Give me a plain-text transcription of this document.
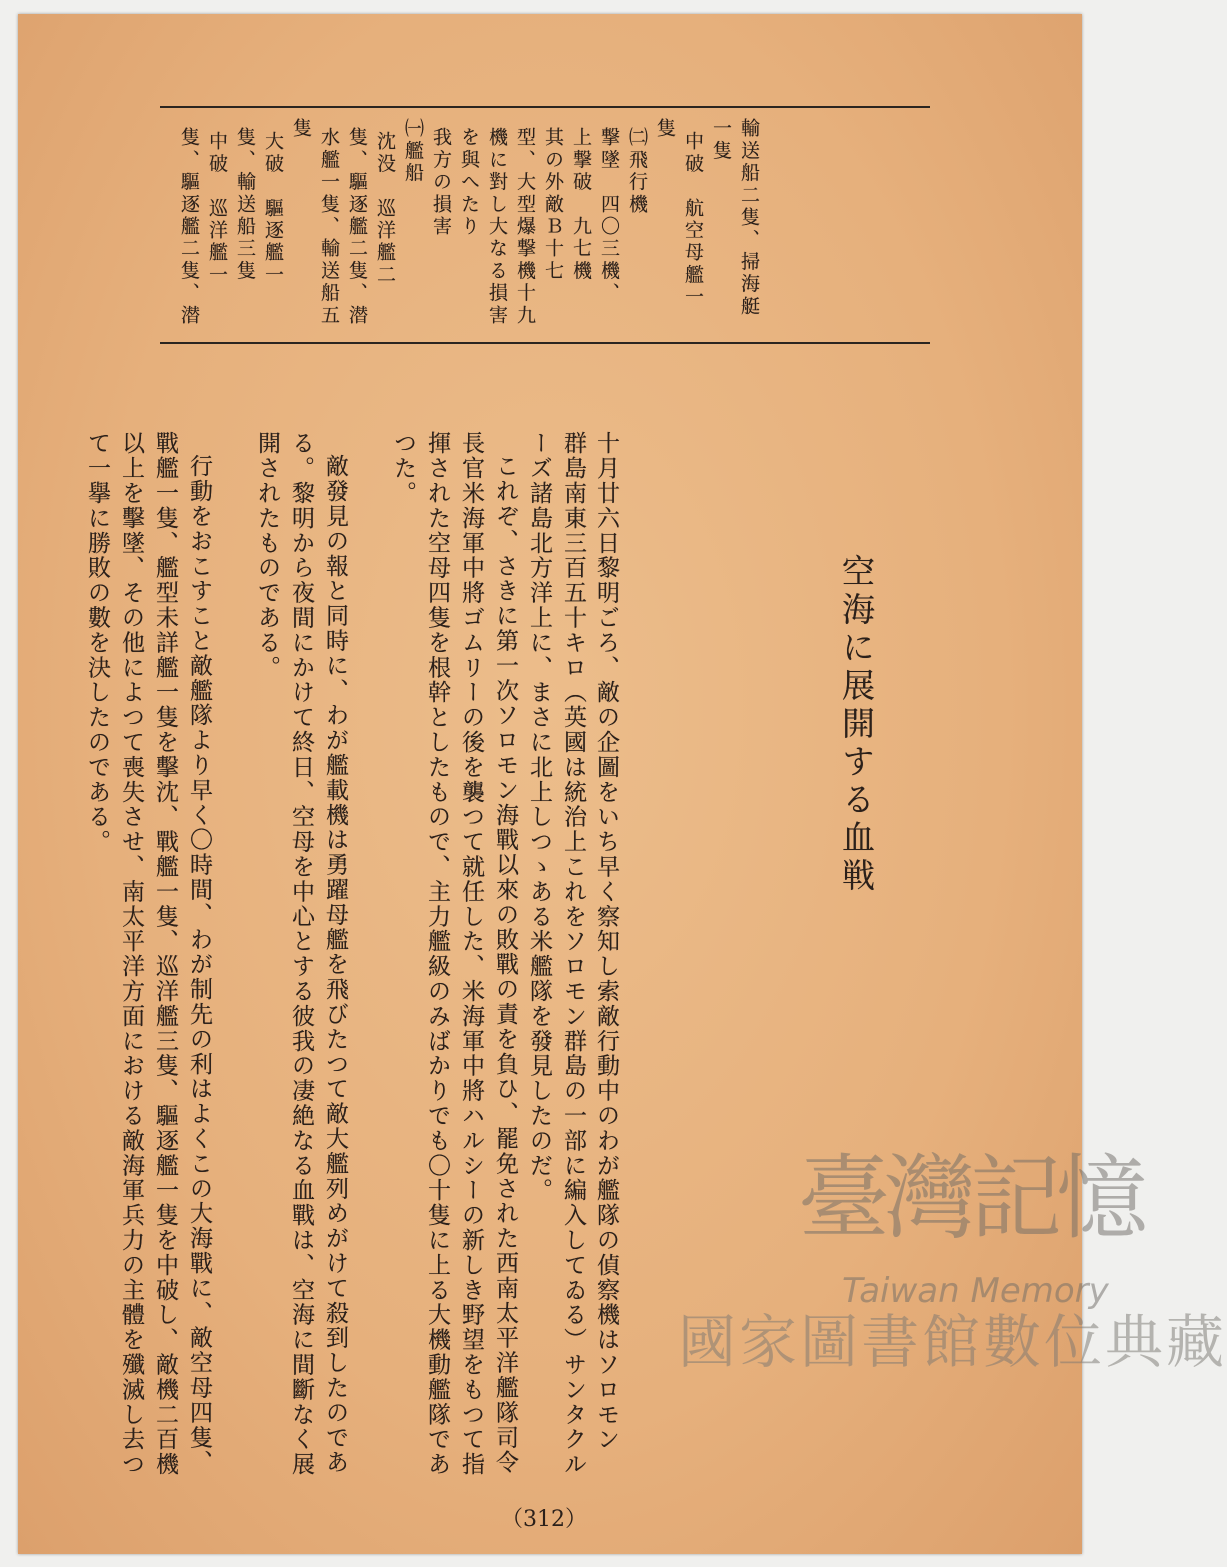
空海に展開する血戦
輸送船二隻、掃海艇
一隻
中破　航空母艦一
隻
㈡飛行機
撃墜　四〇三機、
上撃破　九七機
其の外敵Ｂ十七
型、大型爆撃機十九
機に對し大なる損害
を與へたり
我方の損害
㈠艦船
沈没　巡洋艦二
隻、驅逐艦二隻、潜
水艦一隻、輸送船五
隻
大破　驅逐艦一
隻、輸送船三隻
中破　巡洋艦一
隻、驅逐艦二隻、潜
十月廿六日黎明ごろ、敵の企圖をいち早く察知し索敵行動中のわが艦隊の偵察機はソロモン
群島南東三百五十キロ（英國は統治上これをソロモン群島の一部に編入してゐる）サンタクル
ーズ諸島北方洋上に、まさに北上しつゝある米艦隊を發見したのだ。
これぞ、さきに第一次ソロモン海戰以來の敗戰の責を負ひ、罷免された西南太平洋艦隊司令
長官米海軍中將ゴムリーの後を襲つて就任した、米海軍中將ハルシーの新しき野望をもつて指
揮された空母四隻を根幹としたもので、主力艦級のみばかりでも〇十隻に上る大機動艦隊であ
つた。
敵發見の報と同時に、わが艦載機は勇躍母艦を飛びたつて敵大艦列めがけて殺到したのであ
る。黎明から夜間にかけて終日、空母を中心とする彼我の凄絶なる血戰は、空海に間斷なく展
開されたものである。
行動をおこすこと敵艦隊より早く〇時間、わが制先の利はよくこの大海戰に、敵空母四隻、
戰艦一隻、艦型未詳艦一隻を擊沈、戰艦一隻、巡洋艦三隻、驅逐艦一隻を中破し、敵機二百機
以上を擊墜、その他によつて喪失させ、南太平洋方面における敵海軍兵力の主體を殲滅し去つ
て一擧に勝敗の數を決したのである。
（312）
臺灣記憶
Taiwan Memory
國家圖書館數位典藏
